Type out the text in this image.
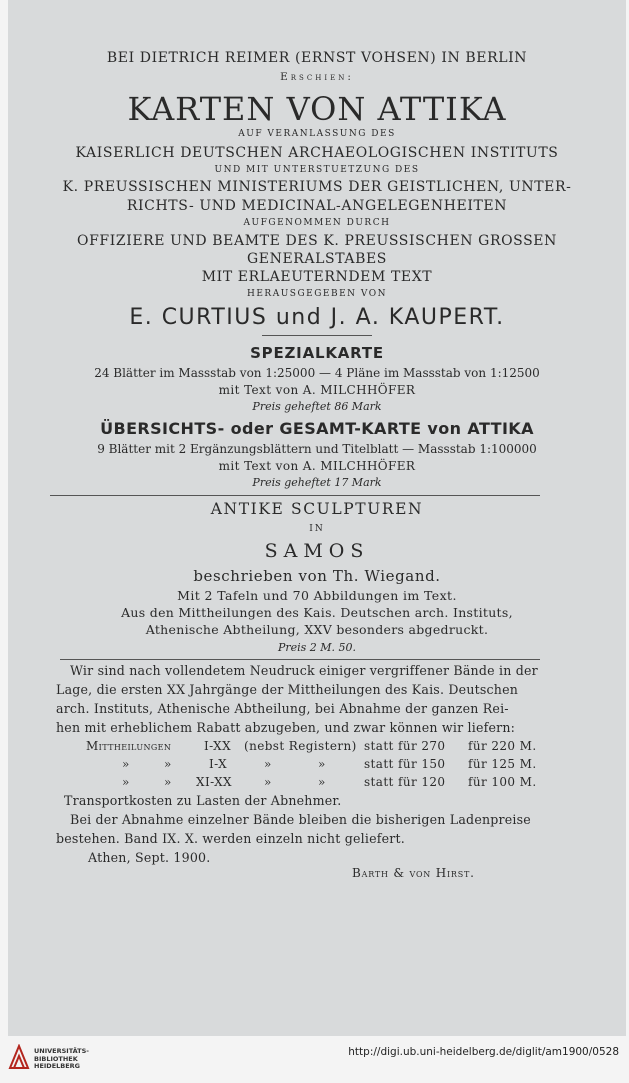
BEI DIETRICH REIMER (ERNST VOHSEN) IN BERLIN
Erschien:
KARTEN VON ATTIKA
AUF VERANLASSUNG DES
KAISERLICH DEUTSCHEN ARCHAEOLOGISCHEN INSTITUTS
UND MIT UNTERSTUETZUNG DES
K. PREUSSISCHEN MINISTERIUMS DER GEISTLICHEN, UNTER-
RICHTS- UND MEDICINAL-ANGELEGENHEITEN
AUFGENOMMEN DURCH
OFFIZIERE UND BEAMTE DES K. PREUSSISCHEN GROSSEN
GENERALSTABES
MIT ERLAEUTERNDEM TEXT
HERAUSGEGEBEN VON
E. CURTIUS und J. A. KAUPERT.
SPEZIALKARTE
24 Blätter im Massstab von 1:25000 — 4 Pläne im Massstab von 1:12500
mit Text von A. MILCHHÖFER
Preis geheftet 86 Mark
ÜBERSICHTS- oder GESAMT-KARTE von ATTIKA
9 Blätter mit 2 Ergänzungsblättern und Titelblatt — Massstab 1:100000
mit Text von A. MILCHHÖFER
Preis geheftet 17 Mark
ANTIKE SCULPTUREN
IN
SAMOS
beschrieben von Th. Wiegand.
Mit 2 Tafeln und 70 Abbildungen im Text.
Aus den Mittheilungen des Kais. Deutschen arch. Instituts,
Athenische Abtheilung, XXV besonders abgedruckt.
Preis 2 M. 50.
Wir sind nach vollendetem Neudruck einiger vergriffener Bände in der
Lage, die ersten XX Jahrgänge der Mittheilungen des Kais. Deutschen
arch. Instituts, Athenische Abtheilung, bei Abnahme der ganzen Rei-
hen mit erheblichem Rabatt abzugeben, und zwar können wir liefern:
Mittheilungen	I-XX (nebst Registern) statt für 270 für 220 M.
»	»	I-X	»	»	statt für 150 für 125 M.
»	» XI-XX	»	»	statt für 120 für 100 M.
Transportkosten zu Lasten der Abnehmer.
Bei der Abnahme einzelner Bände bleiben die bisherigen Ladenpreise
bestehen. Band IX. X. werden einzeln nicht geliefert.
Athen, Sept. 1900.
Barth & von Hirst.
UNIVERSITÄTS-
BIBLIOTHEK
HEIDELBERG
http://digi.ub.uni-heidelberg.de/diglit/am1900/0528
